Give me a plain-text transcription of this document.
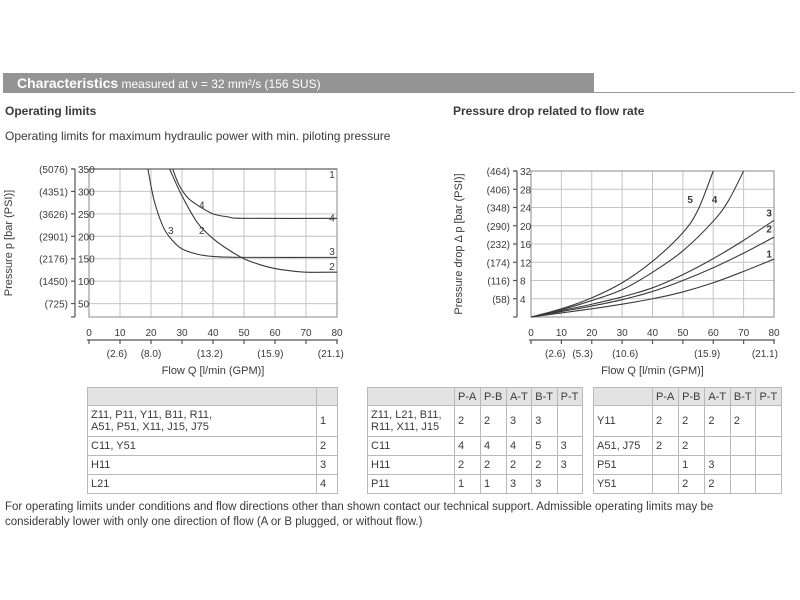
Characteristics measured at ν = 32 mm²/s (156 SUS)
Operating limits
Operating limits for maximum hydraulic power with min. piloting pressure
Pressure drop related to flow rate
50
(725)
100
(1450)
150
(2176)
200
(2901)
250
(3626)
300
(4351)
350
(5076)
Pressure p [bar (PSI)]
0 10 20 30 40 50 60 70 80
(2.6) (8.0)	(13.2)	(15.9)	(21.1)
Flow Q [l/min (GPM)]
1
4
3
2
4
3	2
4
(58)
8
(116)
12
(174)
16
(232)
20
(290)
24
(348)
28
(406)
32
(464)
Pressure drop Δ p [bar (PSI)]
0 10 20 30 40 50 60 70 80
(2.6) (5.3) (10.6)	(15.9)	(21.1)
Flow Q [l/min (GPM)]
5 4
3
2
1

Z11, P11, Y11, B11, R11,
A51, P51, X11, J15, J75	1
C11, Y51	2
H11	3
L21	4
	P-A	P-B	A-T	B-T	P-T
Z11, L21, B11,
R11, X11, J15	2	2	3	3	
C11	4	4	4	5	3
H11	2	2	2	2	3
P11	1	1	3	3	
	P-A	P-B	A-T	B-T	P-T
Y11	2	2	2	2	
A51, J75	2	2			
P51		1	3		
Y51		2	2		
For operating limits under conditions and flow directions other than shown contact our technical support. Admissible operating limits may be considerably lower with only one direction of flow (A or B plugged, or without flow.)
